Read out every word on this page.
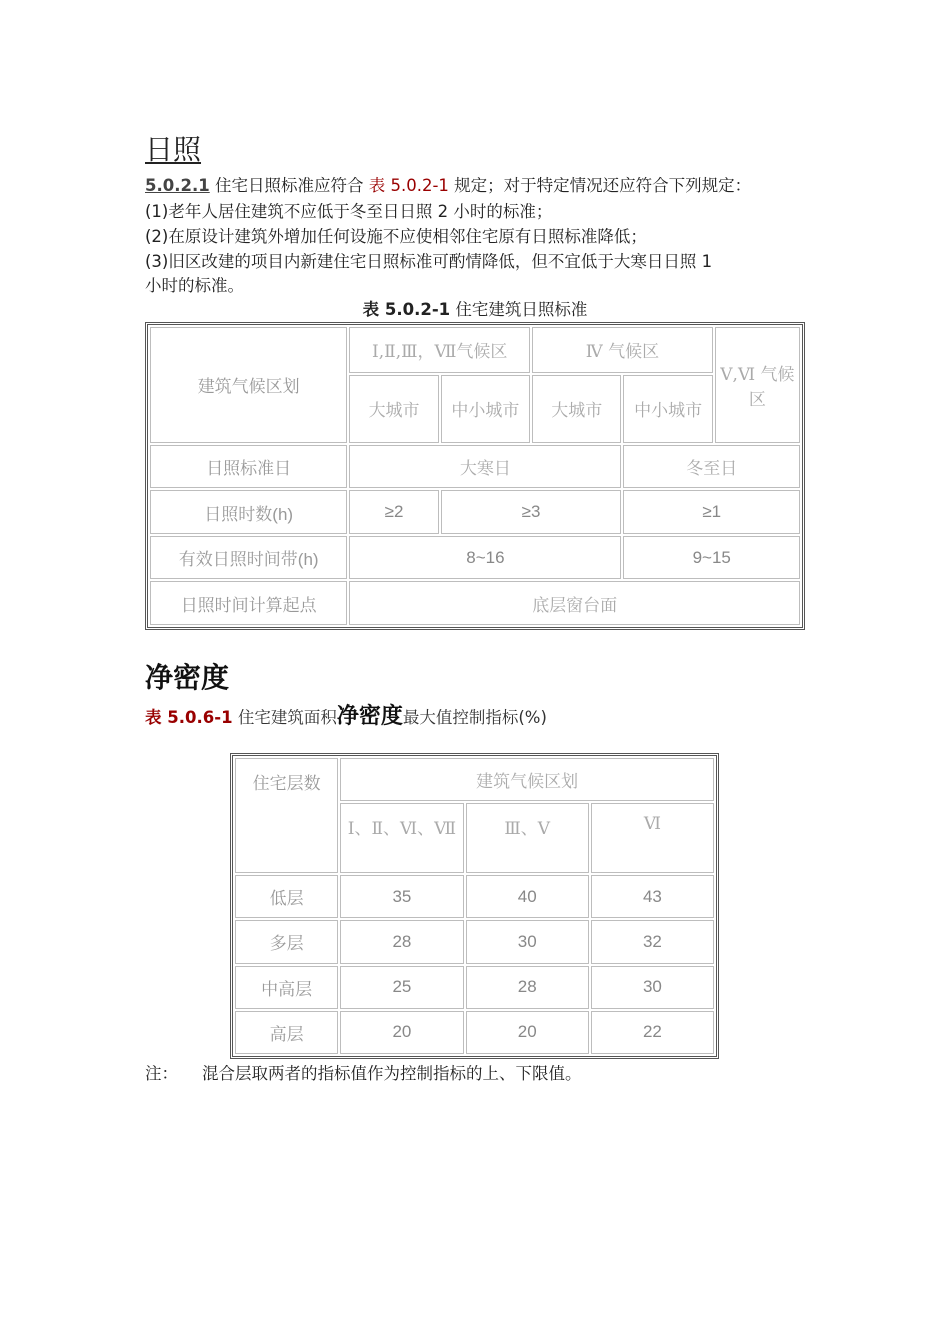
日照
5.0.2.1 住宅日照标准应符合 表 5.0.2-1 规定；对于特定情况还应符合下列规定：
(1)老年人居住建筑不应低于冬至日日照 2 小时的标准；
(2)在原设计建筑外增加任何设施不应使相邻住宅原有日照标准降低；
(3)旧区改建的项目内新建住宅日照标准可酌情降低，但不宜低于大寒日日照 1
小时的标准。
表 5.0.2-1 住宅建筑日照标准
建筑气候区划	Ⅰ,Ⅱ,Ⅲ，Ⅶ气候区		Ⅳ 气候区		Ⅴ,Ⅵ 气候区
	大城市	中小城市	大城市	中小城市	
日照标准日	大寒日			冬至日	
日照时数(h)	≥2	≥3		≥1	
有效日照时间带(h)	8~16			9~15	
日照时间计算起点	底层窗台面				
净密度
表 5.0.6-1 住宅建筑面积净密度最大值控制指标(%)
住宅层数	建筑气候区划		
	Ⅰ、Ⅱ、Ⅵ、Ⅶ	Ⅲ、Ⅴ	Ⅵ
低层	35	40	43
多层	28	30	32
中高层	25	28	30
高层	20	20	22
注： 混合层取两者的指标值作为控制指标的上、下限值。
